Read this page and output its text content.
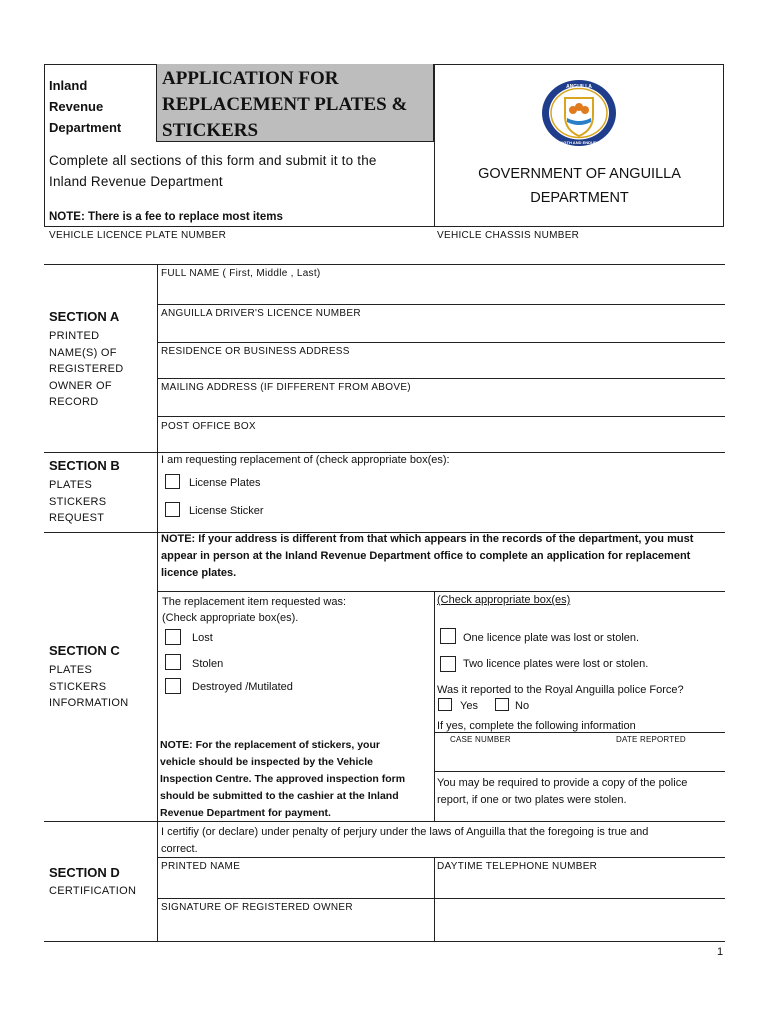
Inland
Revenue
Department
APPLICATION FOR
REPLACEMENT PLATES &
STICKERS
Complete all sections of this form and submit it to the
Inland Revenue Department
NOTE: There is a fee to replace most items
ANGUILLA
STRENGTH AND ENDURANCE
GOVERNMENT OF ANGUILLA
DEPARTMENT
VEHICLE LICENCE PLATE NUMBER	VEHICLE CHASSIS NUMBER
SECTION A
PRINTED
NAME(S) OF
REGISTERED
OWNER OF
RECORD
FULL NAME ( First, Middle , Last)
ANGUILLA DRIVER'S LICENCE NUMBER
RESIDENCE OR BUSINESS ADDRESS
MAILING ADDRESS (IF DIFFERENT FROM ABOVE)
POST OFFICE BOX
SECTION B
PLATES
STICKERS
REQUEST
I am requesting replacement of (check appropriate box(es):
License Plates
License Sticker
NOTE: If your address is different from that which appears in the records of the department, you must
appear in person at the Inland Revenue Department office to complete an application for replacement
licence plates.
SECTION C
PLATES
STICKERS
INFORMATION
The replacement item requested was:
(Check appropriate box(es).
Lost
Stolen
Destroyed /Mutilated
NOTE: For the replacement of stickers, your
vehicle should be inspected by the Vehicle
Inspection Centre. The approved inspection form
should be submitted to the cashier at the Inland
Revenue Department for payment.
(Check appropriate box(es)
One licence plate was lost or stolen.
Two licence plates were lost or stolen.
Was it reported to the Royal Anguilla police Force?
Yes	No
If yes, complete the following information
CASE NUMBER	DATE REPORTED
You may be required to provide a copy of the police
report, if one or two plates were stolen.
I certifiy (or declare) under penalty of perjury under the laws of Anguilla that the foregoing is true and
correct.
SECTION D
CERTIFICATION
PRINTED NAME	DAYTIME TELEPHONE NUMBER
SIGNATURE OF REGISTERED OWNER
1
